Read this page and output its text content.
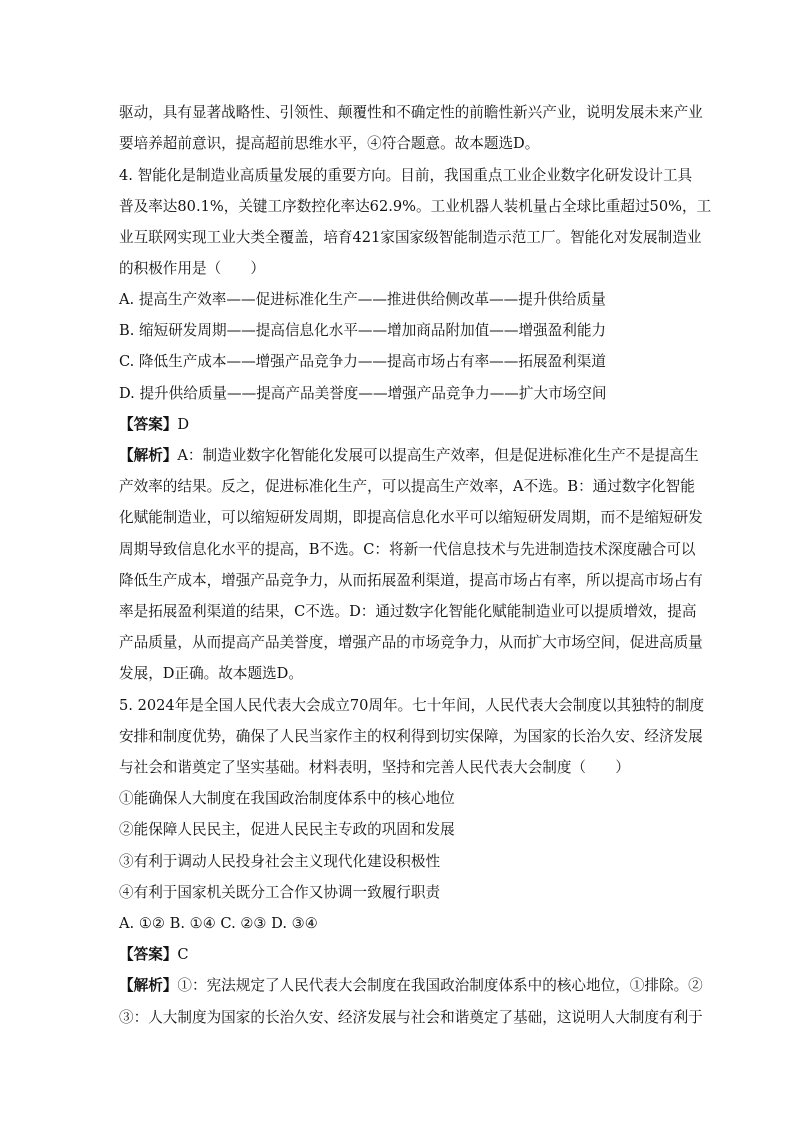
驱动，具有显著战略性、引领性、颠覆性和不确定性的前瞻性新兴产业，说明发展未来产业
要培养超前意识，提高超前思维水平，④符合题意。故本题选D。
4. 智能化是制造业高质量发展的重要方向。目前，我国重点工业企业数字化研发设计工具
普及率达80.1%，关键工序数控化率达62.9%。工业机器人装机量占全球比重超过50%，工
业互联网实现工业大类全覆盖，培育421家国家级智能制造示范工厂。智能化对发展制造业
的积极作用是（　　）
A. 提高生产效率——促进标准化生产——推进供给侧改革——提升供给质量
B. 缩短研发周期——提高信息化水平——增加商品附加值——增强盈利能力
C. 降低生产成本——增强产品竞争力——提高市场占有率——拓展盈利渠道
D. 提升供给质量——提高产品美誉度——增强产品竞争力——扩大市场空间
【答案】D
【解析】A：制造业数字化智能化发展可以提高生产效率，但是促进标准化生产不是提高生
产效率的结果。反之，促进标准化生产，可以提高生产效率，A不选。B：通过数字化智能
化赋能制造业，可以缩短研发周期，即提高信息化水平可以缩短研发周期，而不是缩短研发
周期导致信息化水平的提高，B不选。C：将新一代信息技术与先进制造技术深度融合可以
降低生产成本，增强产品竞争力，从而拓展盈利渠道，提高市场占有率，所以提高市场占有
率是拓展盈利渠道的结果，C不选。D：通过数字化智能化赋能制造业可以提质增效，提高
产品质量，从而提高产品美誉度，增强产品的市场竞争力，从而扩大市场空间，促进高质量
发展，D正确。故本题选D。
5. 2024年是全国人民代表大会成立70周年。七十年间，人民代表大会制度以其独特的制度
安排和制度优势，确保了人民当家作主的权利得到切实保障，为国家的长治久安、经济发展
与社会和谐奠定了坚实基础。材料表明，坚持和完善人民代表大会制度（　　）
①能确保人大制度在我国政治制度体系中的核心地位
②能保障人民民主，促进人民民主专政的巩固和发展
③有利于调动人民投身社会主义现代化建设积极性
④有利于国家机关既分工合作又协调一致履行职责
A. ①② B. ①④ C. ②③ D. ③④
【答案】C
【解析】①：宪法规定了人民代表大会制度在我国政治制度体系中的核心地位，①排除。②
③：人大制度为国家的长治久安、经济发展与社会和谐奠定了基础，这说明人大制度有利于
